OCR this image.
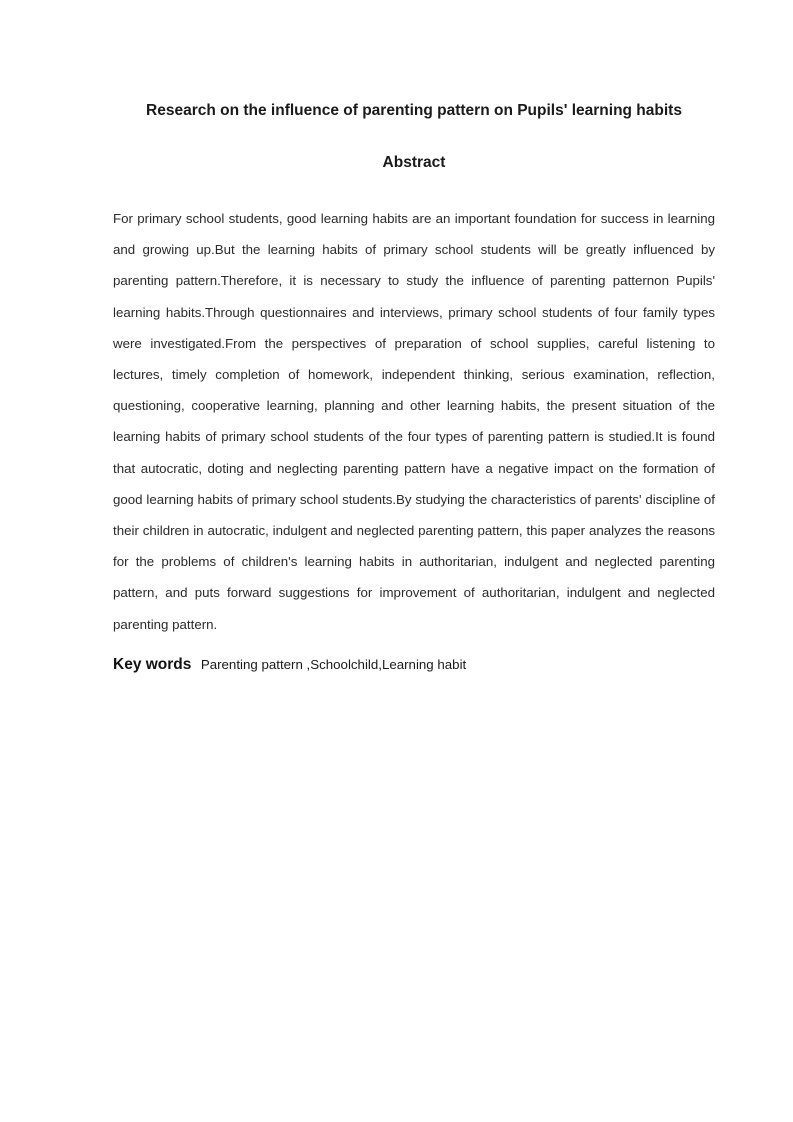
Research on the influence of parenting pattern on Pupils' learning habits
Abstract

For primary school students, good learning habits are an important foundation for success in learning and growing up.But the learning habits of primary school students will be greatly influenced by parenting pattern.Therefore, it is necessary to study the influence of parenting patternon Pupils' learning habits.Through questionnaires and interviews, primary school students of four family types were investigated.From the perspectives of preparation of school supplies, careful listening to lectures, timely completion of homework, independent thinking, serious examination, reflection, questioning, cooperative learning, planning and other learning habits, the present situation of the learning habits of primary school students of the four types of parenting pattern is studied.It is found that autocratic, doting and neglecting parenting pattern have a negative impact on the formation of good learning habits of primary school students.By studying the characteristics of parents' discipline of their children in autocratic, indulgent and neglected parenting pattern, this paper analyzes the reasons for the problems of children's learning habits in authoritarian, indulgent and neglected parenting pattern, and puts forward suggestions for improvement of authoritarian, indulgent and neglected parenting pattern.

Key words Parenting pattern ,Schoolchild,Learning habit
